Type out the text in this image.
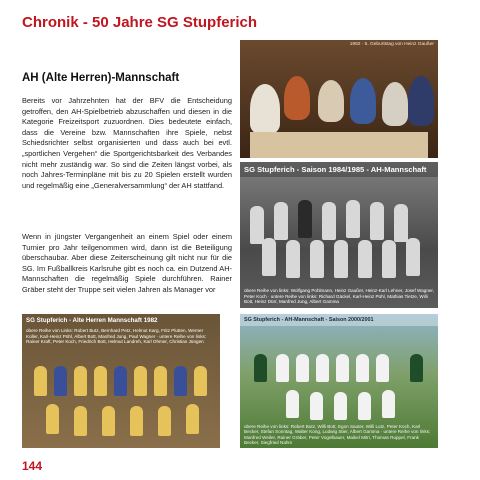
Chronik - 50 Jahre SG Stupferich
AH (Alte Herren)-Mannschaft

Bereits vor Jahrzehnten hat der BFV die Entscheidung getroffen, den AH-Spielbetrieb abzuschaffen und diesen in die Kategorie Freizeitsport zuzuordnen. Dies bedeutete einfach, dass die Vereine bzw. Mannschaften ihre Spiele, nebst Schiedsrichter selbst organisierten und dass auch bei evtl. „sportlichen Vergehen“ die Sportgerichtsbarkeit des Verbandes nicht mehr zuständig war. So sind die Zeiten längst vorbei, als noch Jahres-Terminpläne mit bis zu 20 Spielen erstellt wurden und regelmäßig eine „Generalversammlung“ der AH stattfand.

Wenn in jüngster Vergangenheit an einem Spiel oder einem Turnier pro Jahr teilgenommen wird, dann ist die Beteiligung überschaubar. Aber diese Zeiterscheinung gilt nicht nur für die SG. Im Fußballkreis Karlsruhe gibt es noch ca. ein Dutzend AH-Mannschaften die regelmäßig Spiele durchführen. Rainer Gräber steht der Truppe seit vielen Jahren als Manager vor

1982 · 5. Geburtstag von Heinz Gaußer
SG Stupferich - Saison 1984/1985 - AH-Mannschaft
obere Reihe von links: Wolfgang Pohlmann, Heinz Gaußer, Heinz-Karl Lehner, Josef Wagner, Peter Koch · untere Reihe von links: Richard Gäckel, Karl-Heinz Pühl, Mathias Tietze, Willi Bott, Heinz Dürr, Manfred Jung, Albert Gamma
SG Stupferich - Alte Herren Mannschaft 1982
obere Reihe von Links: Robert Butz, Bernhard Petz, Helmut Karg, Fritz Plutten, Werner Koller, Karl-Heinz Pühl, Albert Bott, Manfred Jung, Paul Wagner · untere Reihe von links: Rainer Kraft, Peter Koch, Friedrich Bott, Helmut Landreh, Karl Ohmer, Christian Jüngen
SG Stupferich - AH-Mannschaft - Saison 2000/2001
obere Reihe von links: Robert Butz, Willi Bott, Egon Sauter, Willi Lutz, Peter Koch, Karl Becker, Stefan Sonntag, Walter Kong, Ludwig Stier, Albert Gamma · untere Reihe von links: Manfred Weiler, Rainer Gräber, Peter Vogelbauer, Maikel Mitri, Thomas Ruppel, Frank Becker, Siegfried Nahm
144
